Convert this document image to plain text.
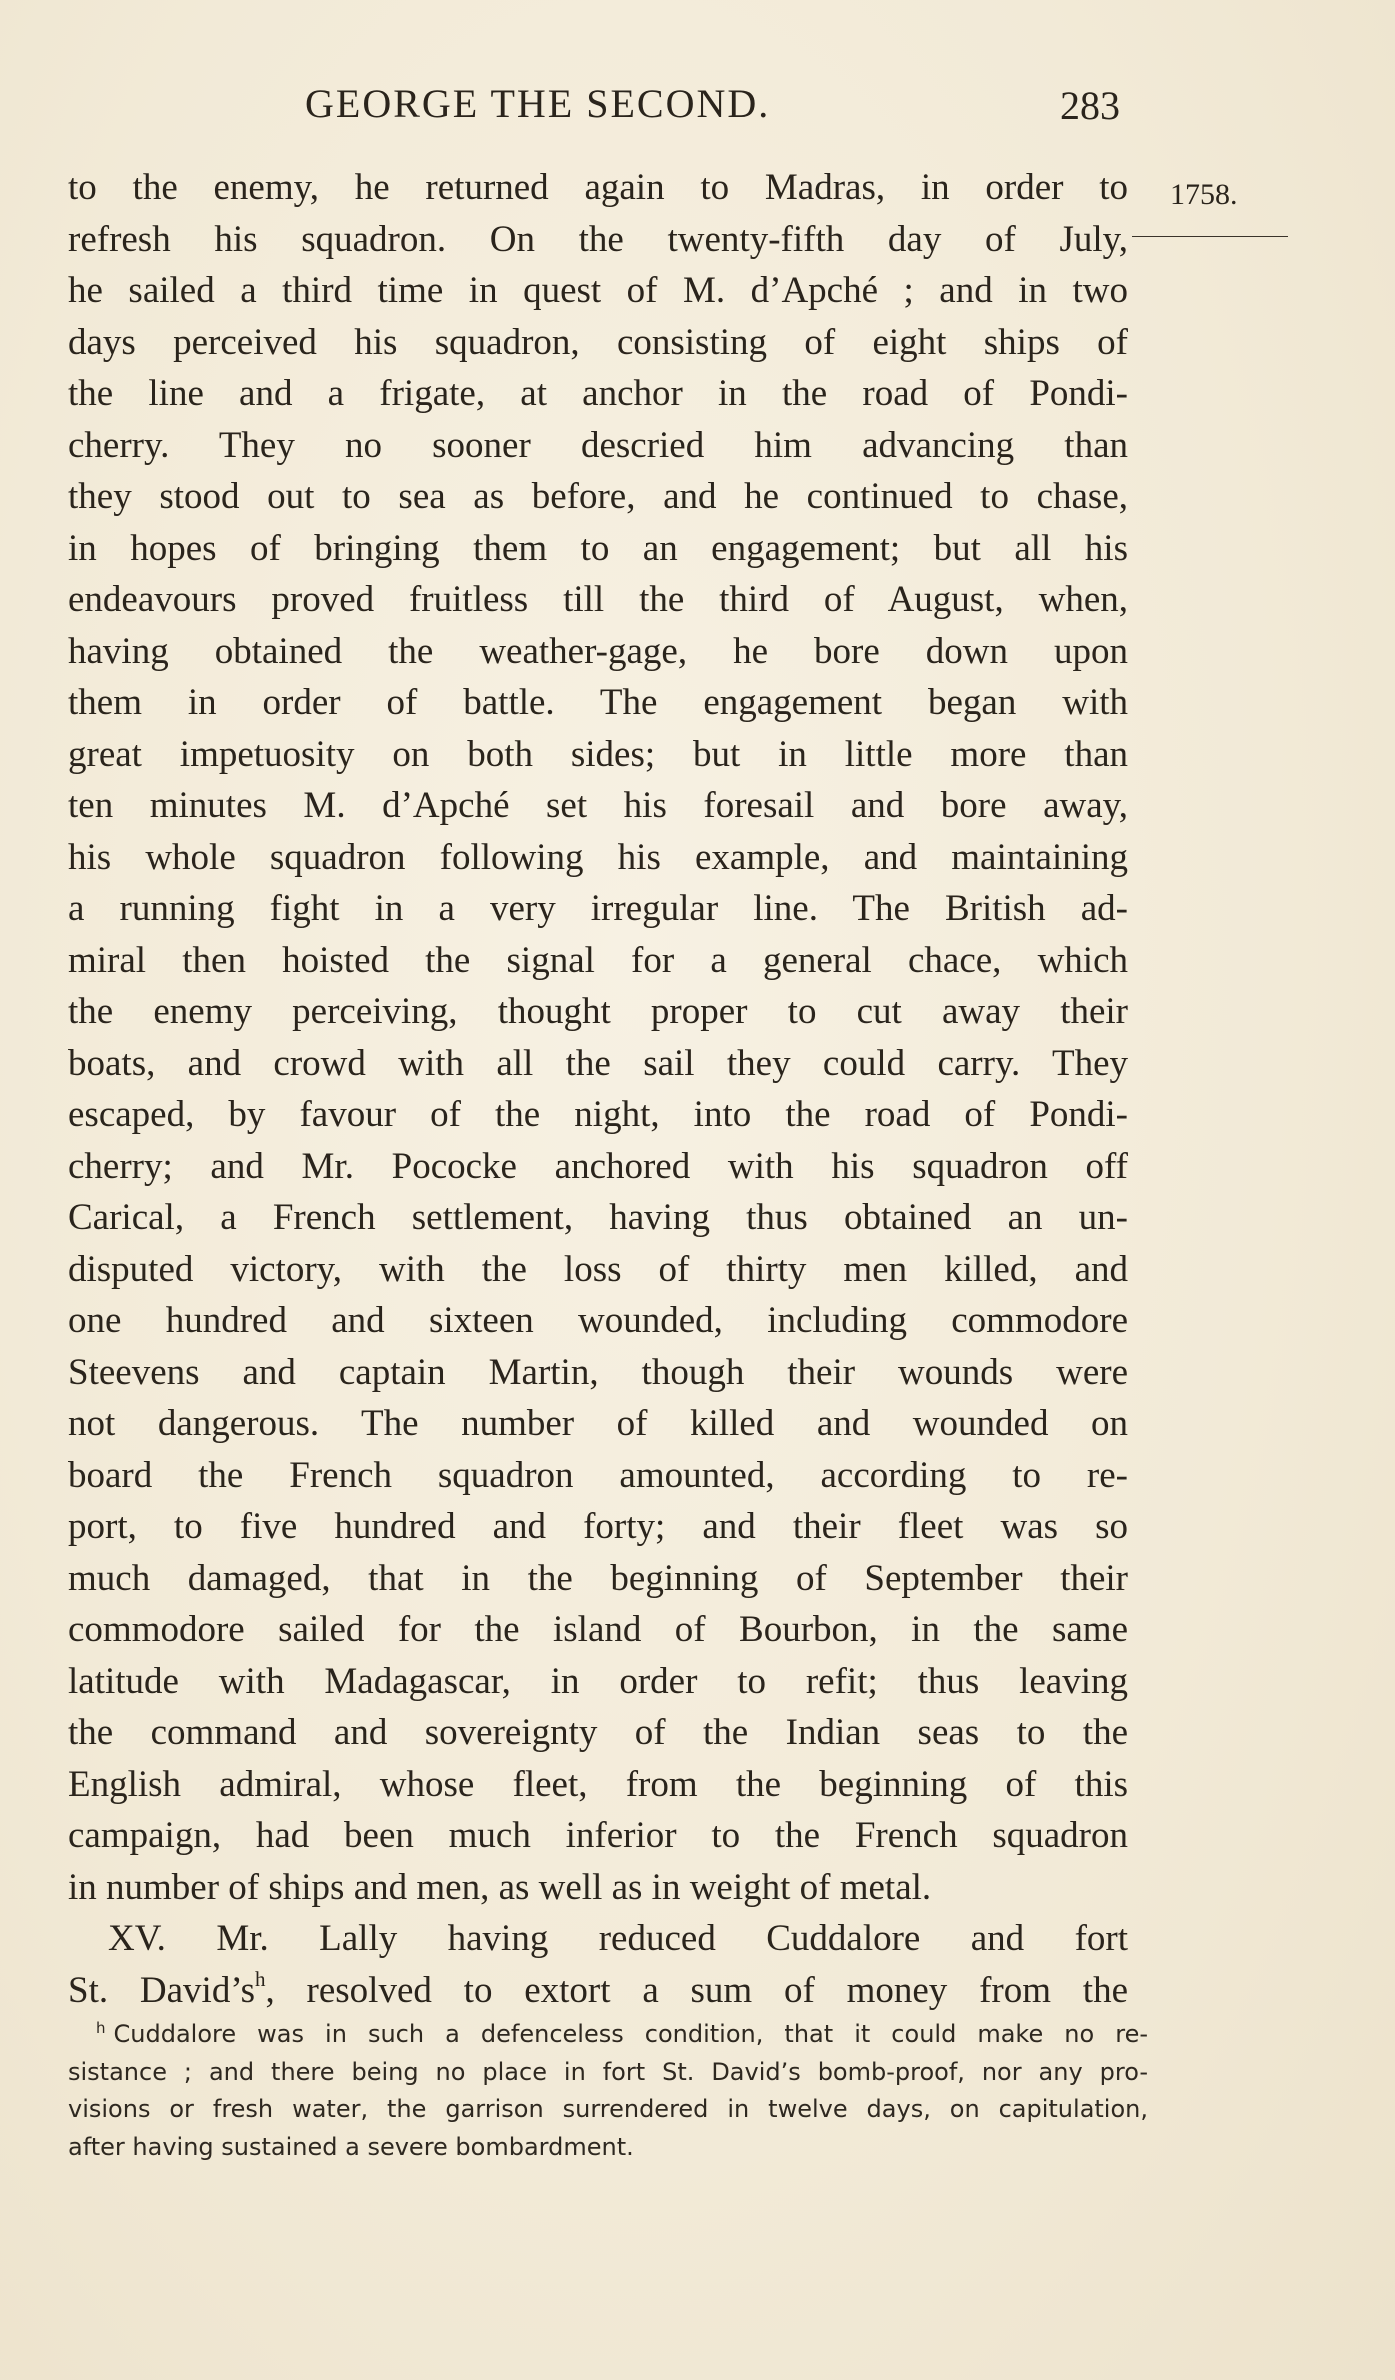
GEORGE THE SECOND.	283
1758.
to the enemy, he returned again to Madras, in order to
refresh his squadron. On the twenty-fifth day of July,
he sailed a third time in quest of M. d’Apché ; and in two
days perceived his squadron, consisting of eight ships of
the line and a frigate, at anchor in the road of Pondi-
cherry. They no sooner descried him advancing than
they stood out to sea as before, and he continued to chase,
in hopes of bringing them to an engagement; but all his
endeavours proved fruitless till the third of August, when,
having obtained the weather-gage, he bore down upon
them in order of battle. The engagement began with
great impetuosity on both sides; but in little more than
ten minutes M. d’Apché set his foresail and bore away,
his whole squadron following his example, and maintaining
a running fight in a very irregular line. The British ad-
miral then hoisted the signal for a general chace, which
the enemy perceiving, thought proper to cut away their
boats, and crowd with all the sail they could carry. They
escaped, by favour of the night, into the road of Pondi-
cherry; and Mr. Pococke anchored with his squadron off
Carical, a French settlement, having thus obtained an un-
disputed victory, with the loss of thirty men killed, and
one hundred and sixteen wounded, including commodore
Steevens and captain Martin, though their wounds were
not dangerous. The number of killed and wounded on
board the French squadron amounted, according to re-
port, to five hundred and forty; and their fleet was so
much damaged, that in the beginning of September their
commodore sailed for the island of Bourbon, in the same
latitude with Madagascar, in order to refit; thus leaving
the command and sovereignty of the Indian seas to the
English admiral, whose fleet, from the beginning of this
campaign, had been much inferior to the French squadron
in number of ships and men, as well as in weight of metal.
XV. Mr. Lally having reduced Cuddalore and fort
St. David’s$^h$, resolved to extort a sum of money from the
$^h$ Cuddalore was in such a defenceless condition, that it could make no re-
sistance ; and there being no place in fort St. David’s bomb-proof, nor any pro-
visions or fresh water, the garrison surrendered in twelve days, on capitulation,
after having sustained a severe bombardment.
